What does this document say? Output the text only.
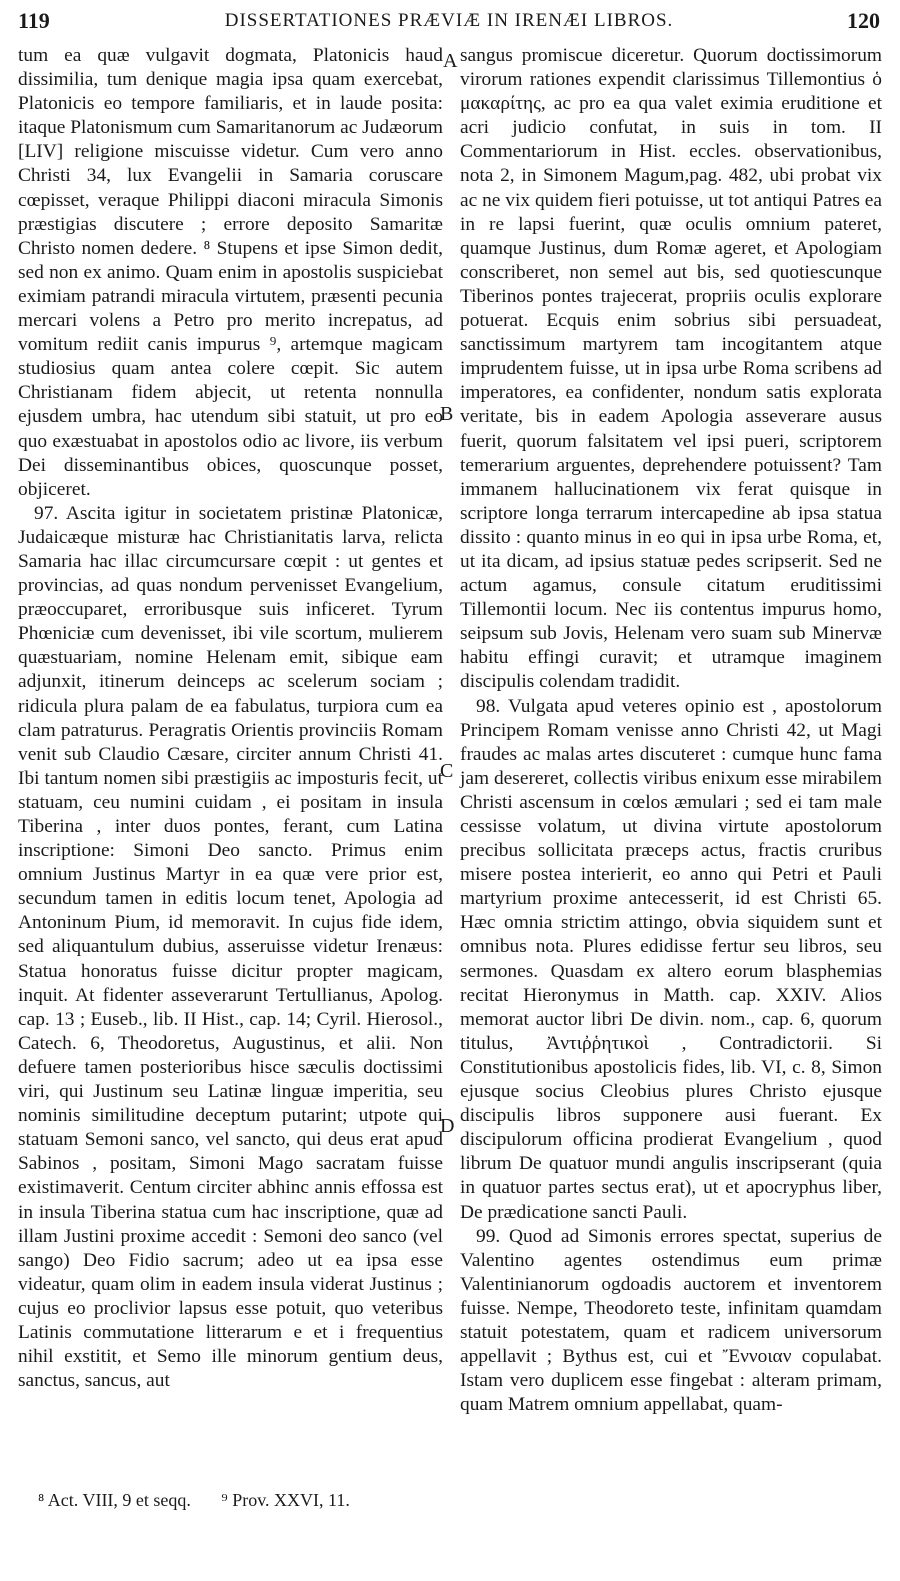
119	DISSERTATIONES PRÆVIÆ IN IRENÆI LIBROS.	120
A
B
C
D

tum ea quæ vulgavit dogmata, Platonicis haud dissimilia, tum denique magia ipsa quam exercebat, Platonicis eo tempore familiaris, et in laude posita: itaque Platonismum cum Samaritanorum ac Judæorum [LIV] religione miscuisse videtur. Cum vero anno Christi 34, lux Evangelii in Samaria coruscare cœpisset, veraque Philippi diaconi miracula Simonis præstigias discutere ; errore deposito Samaritæ Christo nomen dedere. ⁸ Stupens et ipse Simon dedit, sed non ex animo. Quam enim in apostolis suspiciebat eximiam patrandi miracula virtutem, præsenti pecunia mercari volens a Petro pro merito increpatus, ad vomitum rediit canis impurus ⁹, artemque magicam studiosius quam antea colere cœpit. Sic autem Christianam fidem abjecit, ut retenta nonnulla ejusdem umbra, hac utendum sibi statuit, ut pro eo quo exæstuabat in apostolos odio ac livore, iis verbum Dei disseminantibus obices, quoscunque posset, objiceret.

97. Ascita igitur in societatem pristinæ Platonicæ, Judaicæque misturæ hac Christianitatis larva, relicta Samaria hac illac circumcursare cœpit : ut gentes et provincias, ad quas nondum pervenisset Evangelium, præoccuparet, erroribusque suis inficeret. Tyrum Phœniciæ cum devenisset, ibi vile scortum, mulierem quæstuariam, nomine Helenam emit, sibique eam adjunxit, itinerum deinceps ac scelerum sociam ; ridicula plura palam de ea fabulatus, turpiora cum ea clam patraturus. Peragratis Orientis provinciis Romam venit sub Claudio Cæsare, circiter annum Christi 41. Ibi tantum nomen sibi præstigiis ac imposturis fecit, ut statuam, ceu numini cuidam , ei positam in insula Tiberina , inter duos pontes, ferant, cum Latina inscriptione: Simoni Deo sancto. Primus enim omnium Justinus Martyr in ea quæ vere prior est, secundum tamen in editis locum tenet, Apologia ad Antoninum Pium, id memoravit. In cujus fide idem, sed aliquantulum dubius, asseruisse videtur Irenæus: Statua honoratus fuisse dicitur propter magicam, inquit. At fidenter asseverarunt Tertullianus, Apolog. cap. 13 ; Euseb., lib. II Hist., cap. 14; Cyril. Hierosol., Catech. 6, Theodoretus, Augustinus, et alii. Non defuere tamen posterioribus hisce sæculis doctissimi viri, qui Justinum seu Latinæ linguæ imperitia, seu nominis similitudine deceptum putarint; utpote qui statuam Semoni sanco, vel sancto, qui deus erat apud Sabinos , positam, Simoni Mago sacratam fuisse existimaverit. Centum circiter abhinc annis effossa est in insula Tiberina statua cum hac inscriptione, quæ ad illam Justini proxime accedit : Semoni deo sanco (vel sango) Deo Fidio sacrum; adeo ut ea ipsa esse videatur, quam olim in eadem insula viderat Justinus ; cujus eo proclivior lapsus esse potuit, quo veteribus Latinis commutatione litterarum e et i frequentius nihil exstitit, et Semo ille minorum gentium deus, sanctus, sancus, aut

sangus promiscue diceretur. Quorum doctissimorum virorum rationes expendit clarissimus Tillemontius ὁ μακαρίτης, ac pro ea qua valet eximia eruditione et acri judicio confutat, in suis in tom. II Commentariorum in Hist. eccles. observationibus, nota 2, in Simonem Magum,pag. 482, ubi probat vix ac ne vix quidem fieri potuisse, ut tot antiqui Patres ea in re lapsi fuerint, quæ oculis omnium pateret, quamque Justinus, dum Romæ ageret, et Apologiam conscriberet, non semel aut bis, sed quotiescunque Tiberinos pontes trajecerat, propriis oculis explorare potuerat. Ecquis enim sobrius sibi persuadeat, sanctissimum martyrem tam incogitantem atque imprudentem fuisse, ut in ipsa urbe Roma scribens ad imperatores, ea confidenter, nondum satis explorata veritate, bis in eadem Apologia asseverare ausus fuerit, quorum falsitatem vel ipsi pueri, scriptorem temerarium arguentes, deprehendere potuissent? Tam immanem hallucinationem vix ferat quisque in scriptore longa terrarum intercapedine ab ipsa statua dissito : quanto minus in eo qui in ipsa urbe Roma, et, ut ita dicam, ad ipsius statuæ pedes scripserit. Sed ne actum agamus, consule citatum eruditissimi Tillemontii locum. Nec iis contentus impurus homo, seipsum sub Jovis, Helenam vero suam sub Minervæ habitu effingi curavit; et utramque imaginem discipulis colendam tradidit.

98. Vulgata apud veteres opinio est , apostolorum Principem Romam venisse anno Christi 42, ut Magi fraudes ac malas artes discuteret : cumque hunc fama jam desereret, collectis viribus enixum esse mirabilem Christi ascensum in cœlos æmulari ; sed ei tam male cessisse volatum, ut divina virtute apostolorum precibus sollicitata præceps actus, fractis cruribus misere postea interierit, eo anno qui Petri et Pauli martyrium proxime antecesserit, id est Christi 65. Hæc omnia strictim attingo, obvia siquidem sunt et omnibus nota. Plures edidisse fertur seu libros, seu sermones. Quasdam ex altero eorum blasphemias recitat Hieronymus in Matth. cap. XXIV. Alios memorat auctor libri De divin. nom., cap. 6, quorum titulus, Ἀντιῤῥητικοὶ , Contradictorii. Si Constitutionibus apostolicis fides, lib. VI, c. 8, Simon ejusque socius Cleobius plures Christo ejusque discipulis libros supponere ausi fuerant. Ex discipulorum officina prodierat Evangelium , quod librum De quatuor mundi angulis inscripserant (quia in quatuor partes sectus erat), ut et apocryphus liber, De prædicatione sancti Pauli.

99. Quod ad Simonis errores spectat, superius de Valentino agentes ostendimus eum primæ Valentinianorum ogdoadis auctorem et inventorem fuisse. Nempe, Theodoreto teste, infinitam quamdam statuit potestatem, quam et radicem universorum appellavit ; Bythus est, cui et Ἔννοιαν copulabat. Istam vero duplicem esse fingebat : alteram primam, quam Matrem omnium appellabat, quam-

⁸ Act. VIII, 9 et seqq. ⁹ Prov. XXVI, 11.
